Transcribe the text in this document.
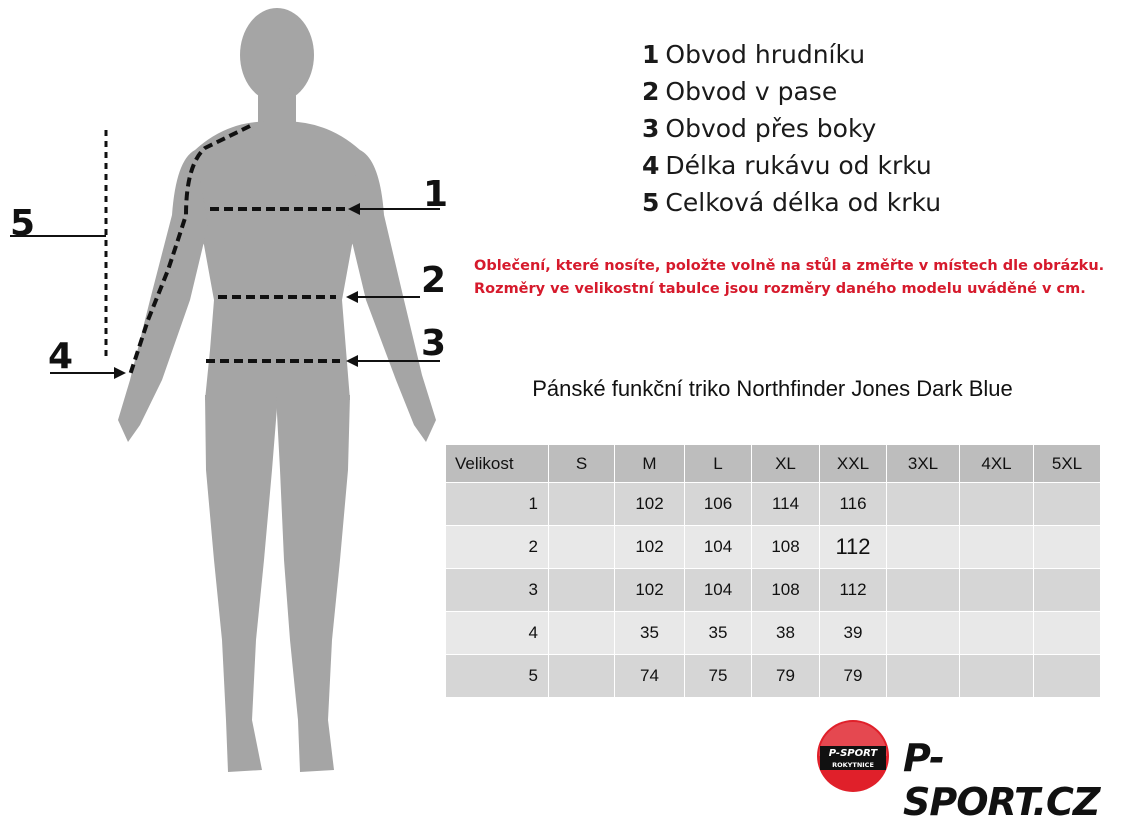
1
2
3
4
5
1 Obvod hrudníku
2 Obvod v pase
3 Obvod přes boky
4 Délka rukávu od krku
5 Celková délka od krku
Oblečení, které nosíte, položte volně na stůl a změřte v místech dle obrázku.
Rozměry ve velikostní tabulce jsou rozměry daného modelu uváděné v cm.
Pánské funkční triko Northfinder Jones Dark Blue
Velikost	S	M	L	XL	XXL	3XL	4XL	5XL
1		102	106	114	116			
2		102	104	108	112			
3		102	104	108	112			
4		35	35	38	39			
5		74	75	79	79			
P-SPORT
ROKYTNICE P-SPORT.CZ
